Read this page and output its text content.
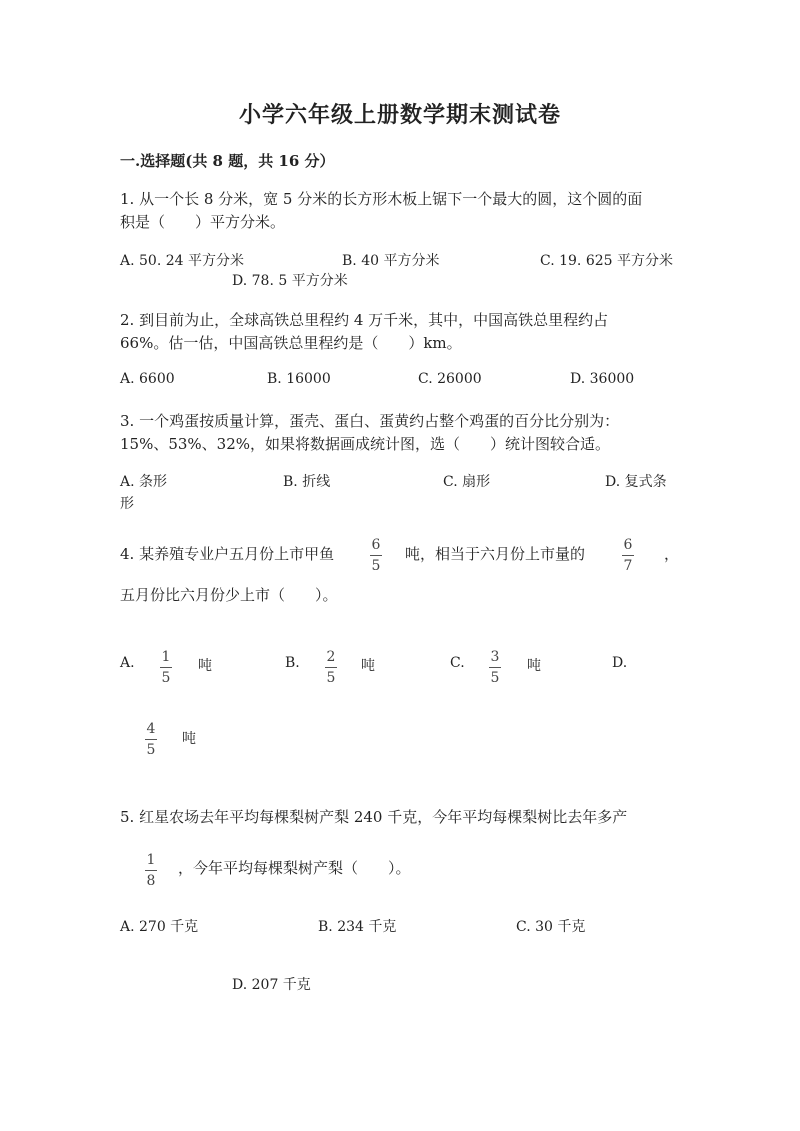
小学六年级上册数学期末测试卷
一.选择题(共 8 题，共 16 分）
1. 从一个长 8 分米，宽 5 分米的长方形木板上锯下一个最大的圆，这个圆的面
积是（　　）平方分米。
A. 50. 24 平方分米	B. 40 平方分米	C. 19. 625 平方分米
D. 78. 5 平方分米
2. 到目前为止，全球高铁总里程约 4 万千米，其中，中国高铁总里程约占
66%。估一估，中国高铁总里程约是（　　）km。
A. 6600	B. 16000	C. 26000	D. 36000
3. 一个鸡蛋按质量计算，蛋壳、蛋白、蛋黄约占整个鸡蛋的百分比分别为：
15%、53%、32%，如果将数据画成统计图，选（　　）统计图较合适。
A. 条形	B. 折线	C. 扇形	D. 复式条
形
4. 某养殖专业户五月份上市甲鱼	6
5
吨，相当于六月份上市量的	6
7
，
五月份比六月份少上市（　　）。
A. 1
5
吨	B. 2
5
吨	C. 3
5
吨	D.
4
5
吨
5. 红星农场去年平均每棵梨树产梨 240 千克，今年平均每棵梨树比去年多产
1
8
，今年平均每棵梨树产梨（　　）。
A. 270 千克	B. 234 千克	C. 30 千克
D. 207 千克
